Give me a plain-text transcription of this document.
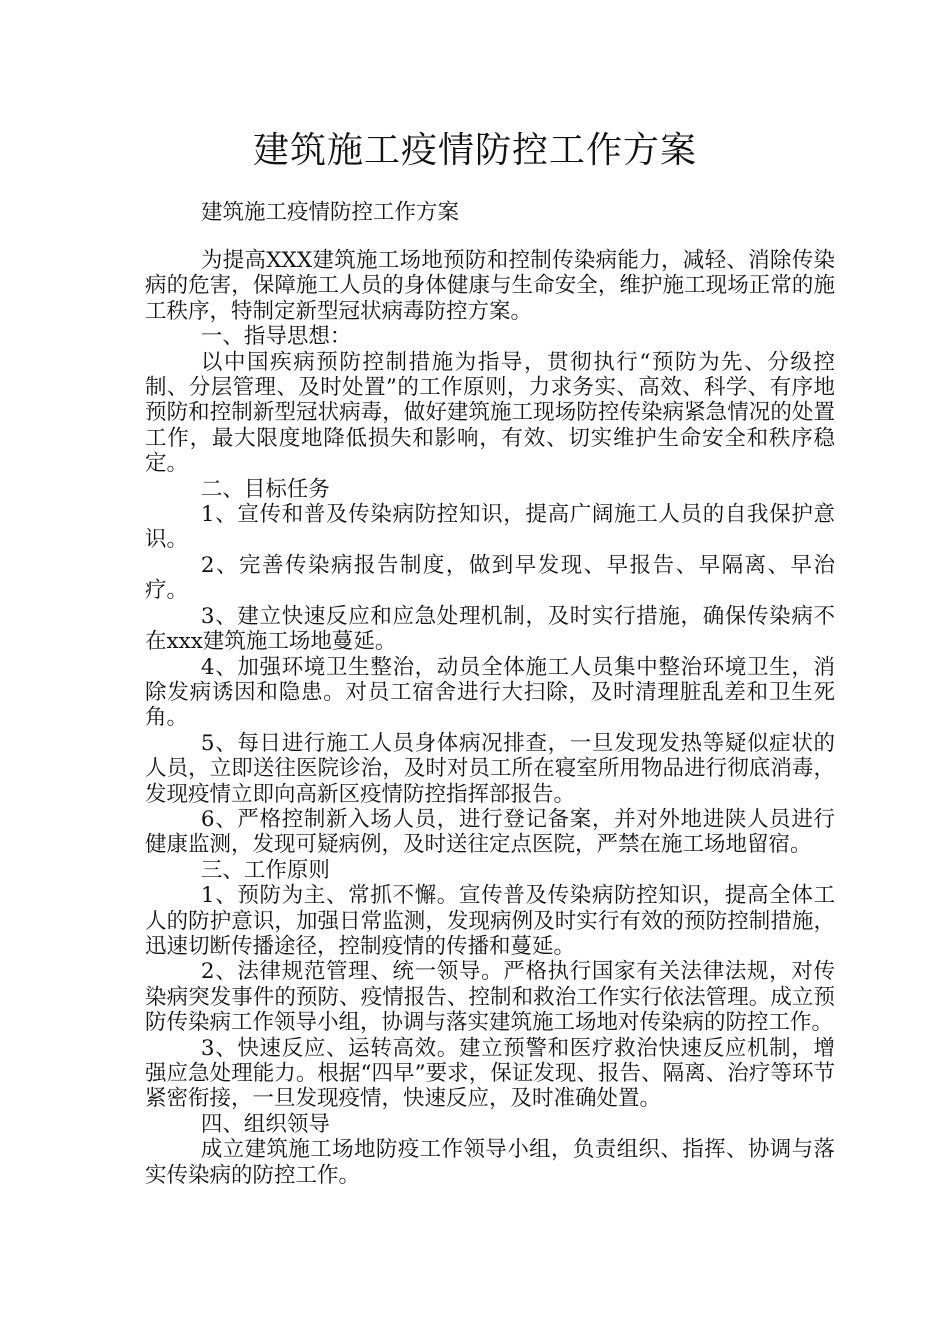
建筑施工疫情防控工作方案

建筑施工疫情防控工作方案

为提高XXX建筑施工场地预防和控制传染病能力，减轻、消除传染病的危害，保障施工人员的身体健康与生命安全，维护施工现场正常的施工秩序，特制定新型冠状病毒防控方案。

一、指导思想：

以中国疾病预防控制措施为指导，贯彻执行“预防为先、分级控制、分层管理、及时处置”的工作原则，力求务实、高效、科学、有序地预防和控制新型冠状病毒，做好建筑施工现场防控传染病紧急情况的处置工作，最大限度地降低损失和影响，有效、切实维护生命安全和秩序稳定。

二、目标任务

1、宣传和普及传染病防控知识，提高广阔施工人员的自我保护意识。

2、完善传染病报告制度，做到早发现、早报告、早隔离、早治疗。

3、建立快速反应和应急处理机制，及时实行措施，确保传染病不在xxx建筑施工场地蔓延。

4、加强环境卫生整治，动员全体施工人员集中整治环境卫生，消除发病诱因和隐患。对员工宿舍进行大扫除，及时清理脏乱差和卫生死角。

5、每日进行施工人员身体病况排查，一旦发现发热等疑似症状的人员，立即送往医院诊治，及时对员工所在寝室所用物品进行彻底消毒，发现疫情立即向高新区疫情防控指挥部报告。

6、严格控制新入场人员，进行登记备案，并对外地进陕人员进行健康监测，发现可疑病例，及时送往定点医院，严禁在施工场地留宿。

三、工作原则

1、预防为主、常抓不懈。宣传普及传染病防控知识，提高全体工人的防护意识，加强日常监测，发现病例及时实行有效的预防控制措施，迅速切断传播途径，控制疫情的传播和蔓延。

2、法律规范管理、统一领导。严格执行国家有关法律法规，对传染病突发事件的预防、疫情报告、控制和救治工作实行依法管理。成立预防传染病工作领导小组，协调与落实建筑施工场地对传染病的防控工作。

3、快速反应、运转高效。建立预警和医疗救治快速反应机制，增强应急处理能力。根据“四早”要求，保证发现、报告、隔离、治疗等环节紧密衔接，一旦发现疫情，快速反应，及时准确处置。

四、组织领导

成立建筑施工场地防疫工作领导小组，负责组织、指挥、协调与落实传染病的防控工作。
